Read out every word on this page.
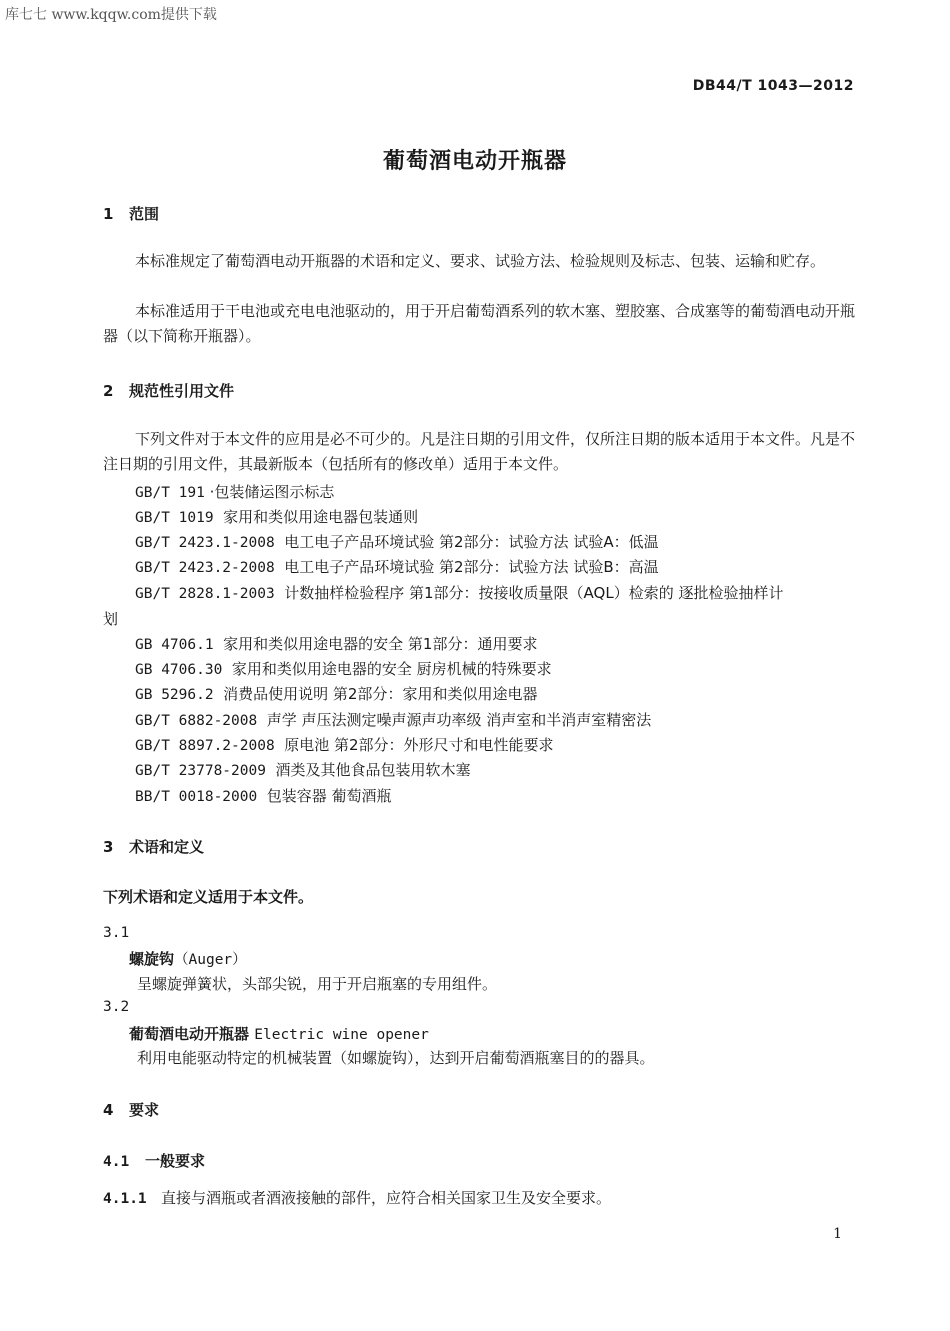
库七七 www.kqqw.com提供下载
DB44/T 1043—2012
葡萄酒电动开瓶器
1 范围
本标准规定了葡萄酒电动开瓶器的术语和定义、要求、试验方法、检验规则及标志、包装、运输和贮存。
本标准适用于干电池或充电电池驱动的，用于开启葡萄酒系列的软木塞、塑胶塞、合成塞等的葡萄酒电动开瓶器（以下简称开瓶器）。
2 规范性引用文件
下列文件对于本文件的应用是必不可少的。凡是注日期的引用文件，仅所注日期的版本适用于本文件。凡是不注日期的引用文件，其最新版本（包括所有的修改单）适用于本文件。
GB/T 191 ·包装储运图示标志
GB/T 1019 家用和类似用途电器包装通则
GB/T 2423.1-2008 电工电子产品环境试验 第2部分：试验方法 试验A：低温
GB/T 2423.2-2008 电工电子产品环境试验 第2部分：试验方法 试验B：高温
GB/T 2828.1-2003 计数抽样检验程序 第1部分：按接收质量限（AQL）检索的 逐批检验抽样计
划
GB 4706.1 家用和类似用途电器的安全 第1部分：通用要求
GB 4706.30 家用和类似用途电器的安全 厨房机械的特殊要求
GB 5296.2 消费品使用说明 第2部分：家用和类似用途电器
GB/T 6882-2008 声学 声压法测定噪声源声功率级 消声室和半消声室精密法
GB/T 8897.2-2008 原电池 第2部分：外形尺寸和电性能要求
GB/T 23778-2009 酒类及其他食品包装用软木塞
BB/T 0018-2000 包装容器 葡萄酒瓶
3 术语和定义
下列术语和定义适用于本文件。
3.1
螺旋钩（Auger）
呈螺旋弹簧状，头部尖锐，用于开启瓶塞的专用组件。
3.2
葡萄酒电动开瓶器 Electric wine opener
利用电能驱动特定的机械装置（如螺旋钩），达到开启葡萄酒瓶塞目的的器具。
4 要求
4.1 一般要求
4.1.1 直接与酒瓶或者酒液接触的部件，应符合相关国家卫生及安全要求。
1
